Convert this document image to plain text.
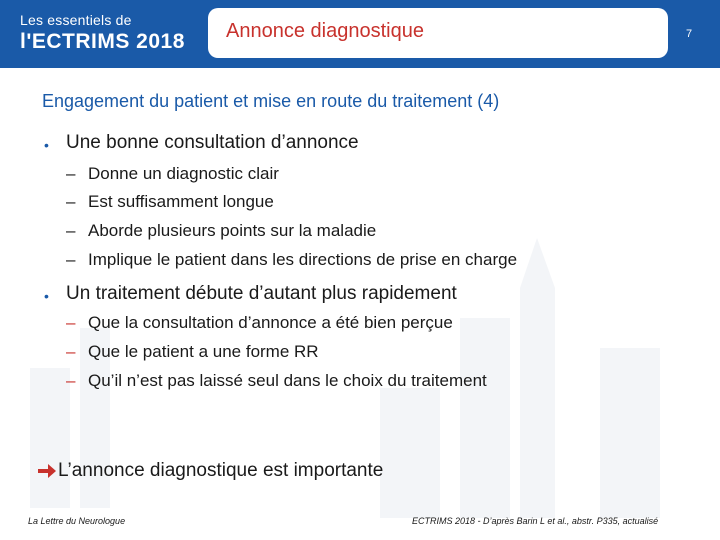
Les essentiels de
l'ECTRIMS 2018 Annonce diagnostique	7
Engagement du patient et mise en route du traitement (4)
• Une bonne consultation d’annonce
– Donne un diagnostic clair
– Est suffisamment longue
– Aborde plusieurs points sur la maladie
– Implique le patient dans les directions de prise en charge
• Un traitement débute d’autant plus rapidement
– Que la consultation d’annonce a été bien perçue
– Que le patient a une forme RR
– Qu’il n’est pas laissé seul dans le choix du traitement
L’annonce diagnostique est importante
La Lettre du Neurologue	ECTRIMS 2018 - D’après Barin L et al., abstr. P335, actualisé
